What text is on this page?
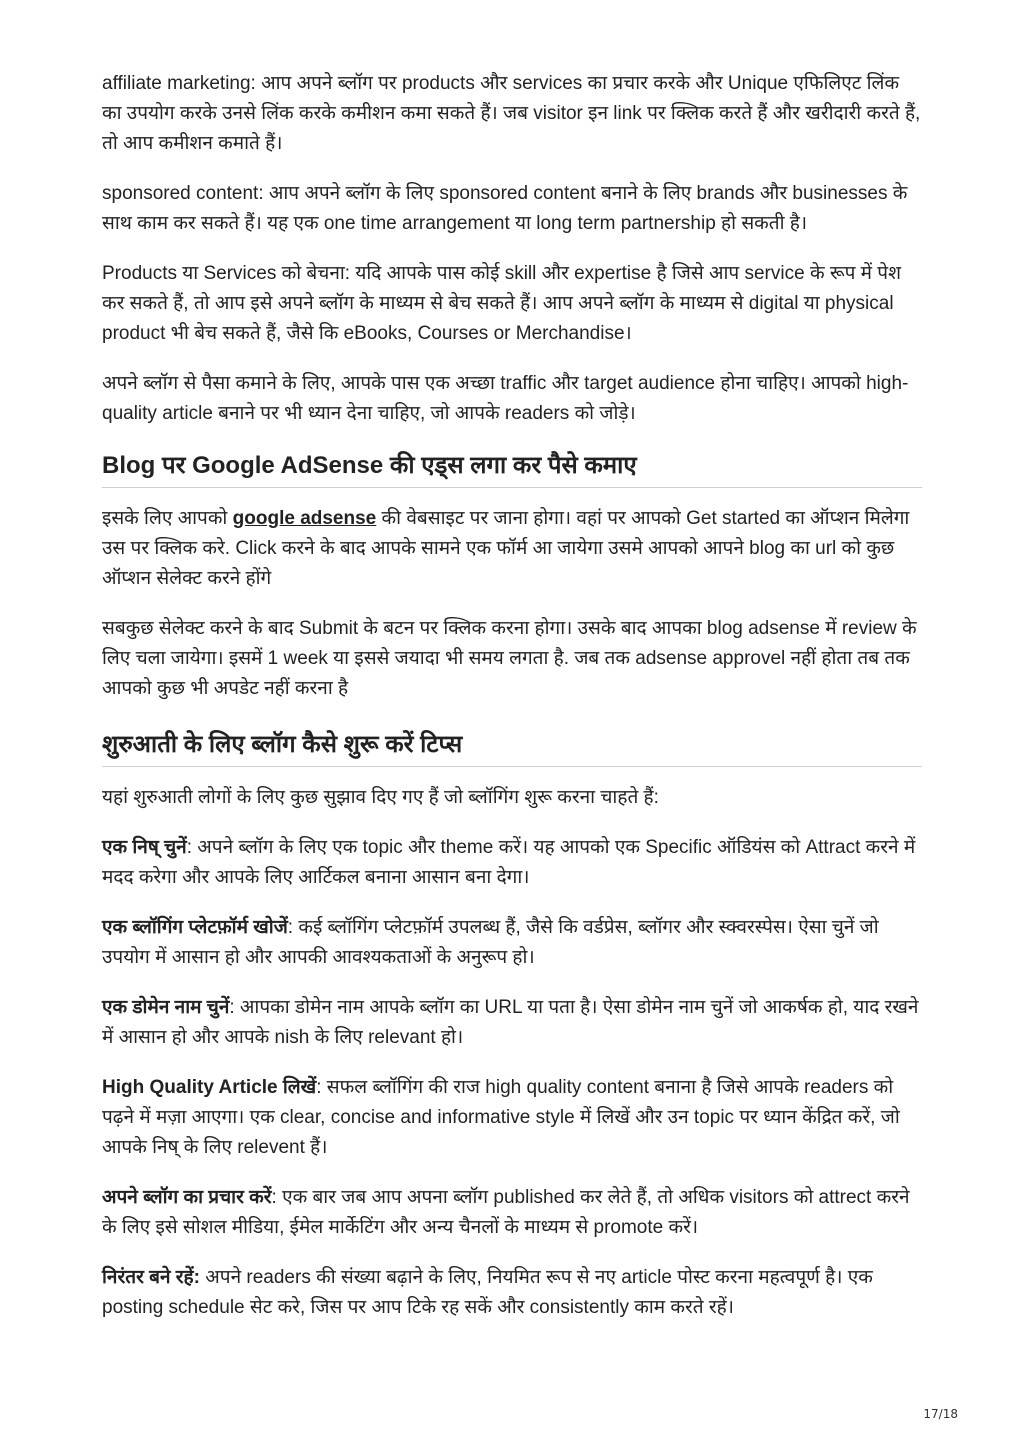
affiliate marketing: आप अपने ब्लॉग पर products और services का प्रचार करके और Unique एफिलिएट लिंक का उपयोग करके उनसे लिंक करके कमीशन कमा सकते हैं। जब visitor इन link पर क्लिक करते हैं और खरीदारी करते हैं, तो आप कमीशन कमाते हैं।

sponsored content: आप अपने ब्लॉग के लिए sponsored content बनाने के लिए brands और businesses के साथ काम कर सकते हैं। यह एक one time arrangement या long term partnership हो सकती है।

Products या Services को बेचना: यदि आपके पास कोई skill और expertise है जिसे आप service के रूप में पेश कर सकते हैं, तो आप इसे अपने ब्लॉग के माध्यम से बेच सकते हैं। आप अपने ब्लॉग के माध्यम से digital या physical product भी बेच सकते हैं, जैसे कि eBooks, Courses or Merchandise।

अपने ब्लॉग से पैसा कमाने के लिए, आपके पास एक अच्छा traffic और target audience होना चाहिए। आपको high-quality article बनाने पर भी ध्यान देना चाहिए, जो आपके readers को जोड़े।

Blog पर Google AdSense की एड्स लगा कर पैसे कमाए

इसके लिए आपको google adsense की वेबसाइट पर जाना होगा। वहां पर आपको Get started का ऑप्शन मिलेगा उस पर क्लिक करे. Click करने के बाद आपके सामने एक फॉर्म आ जायेगा उसमे आपको आपने blog का url को कुछ ऑप्शन सेलेक्ट करने होंगे

सबकुछ सेलेक्ट करने के बाद Submit के बटन पर क्लिक करना होगा। उसके बाद आपका blog adsense में review के लिए चला जायेगा। इसमें 1 week या इससे जयादा भी समय लगता है. जब तक adsense approvel नहीं होता तब तक आपको कुछ भी अपडेट नहीं करना है

शुरुआती के लिए ब्लॉग कैसे शुरू करें टिप्स

यहां शुरुआती लोगों के लिए कुछ सुझाव दिए गए हैं जो ब्लॉगिंग शुरू करना चाहते हैं:

एक निष् चुनें: अपने ब्लॉग के लिए एक topic और theme करें। यह आपको एक Specific ऑडियंस को Attract करने में मदद करेगा और आपके लिए आर्टिकल बनाना आसान बना देगा।

एक ब्लॉगिंग प्लेटफ़ॉर्म खोजें: कई ब्लॉगिंग प्लेटफ़ॉर्म उपलब्ध हैं, जैसे कि वर्डप्रेस, ब्लॉगर और स्क्वरस्पेस। ऐसा चुनें जो उपयोग में आसान हो और आपकी आवश्यकताओं के अनुरूप हो।

एक डोमेन नाम चुनें: आपका डोमेन नाम आपके ब्लॉग का URL या पता है। ऐसा डोमेन नाम चुनें जो आकर्षक हो, याद रखने में आसान हो और आपके nish के लिए relevant हो।

High Quality Article लिखें: सफल ब्लॉगिंग की राज high quality content बनाना है जिसे आपके readers को पढ़ने में मज़ा आएगा। एक clear, concise and informative style में लिखें और उन topic पर ध्यान केंद्रित करें, जो आपके निष् के लिए relevent हैं।

अपने ब्लॉग का प्रचार करें: एक बार जब आप अपना ब्लॉग published कर लेते हैं, तो अधिक visitors को attrect करने के लिए इसे सोशल मीडिया, ईमेल मार्केटिंग और अन्य चैनलों के माध्यम से promote करें।

निरंतर बने रहें: अपने readers की संख्या बढ़ाने के लिए, नियमित रूप से नए article पोस्ट करना महत्वपूर्ण है। एक posting schedule सेट करे, जिस पर आप टिके रह सकें और consistently काम करते रहें।

17/18
